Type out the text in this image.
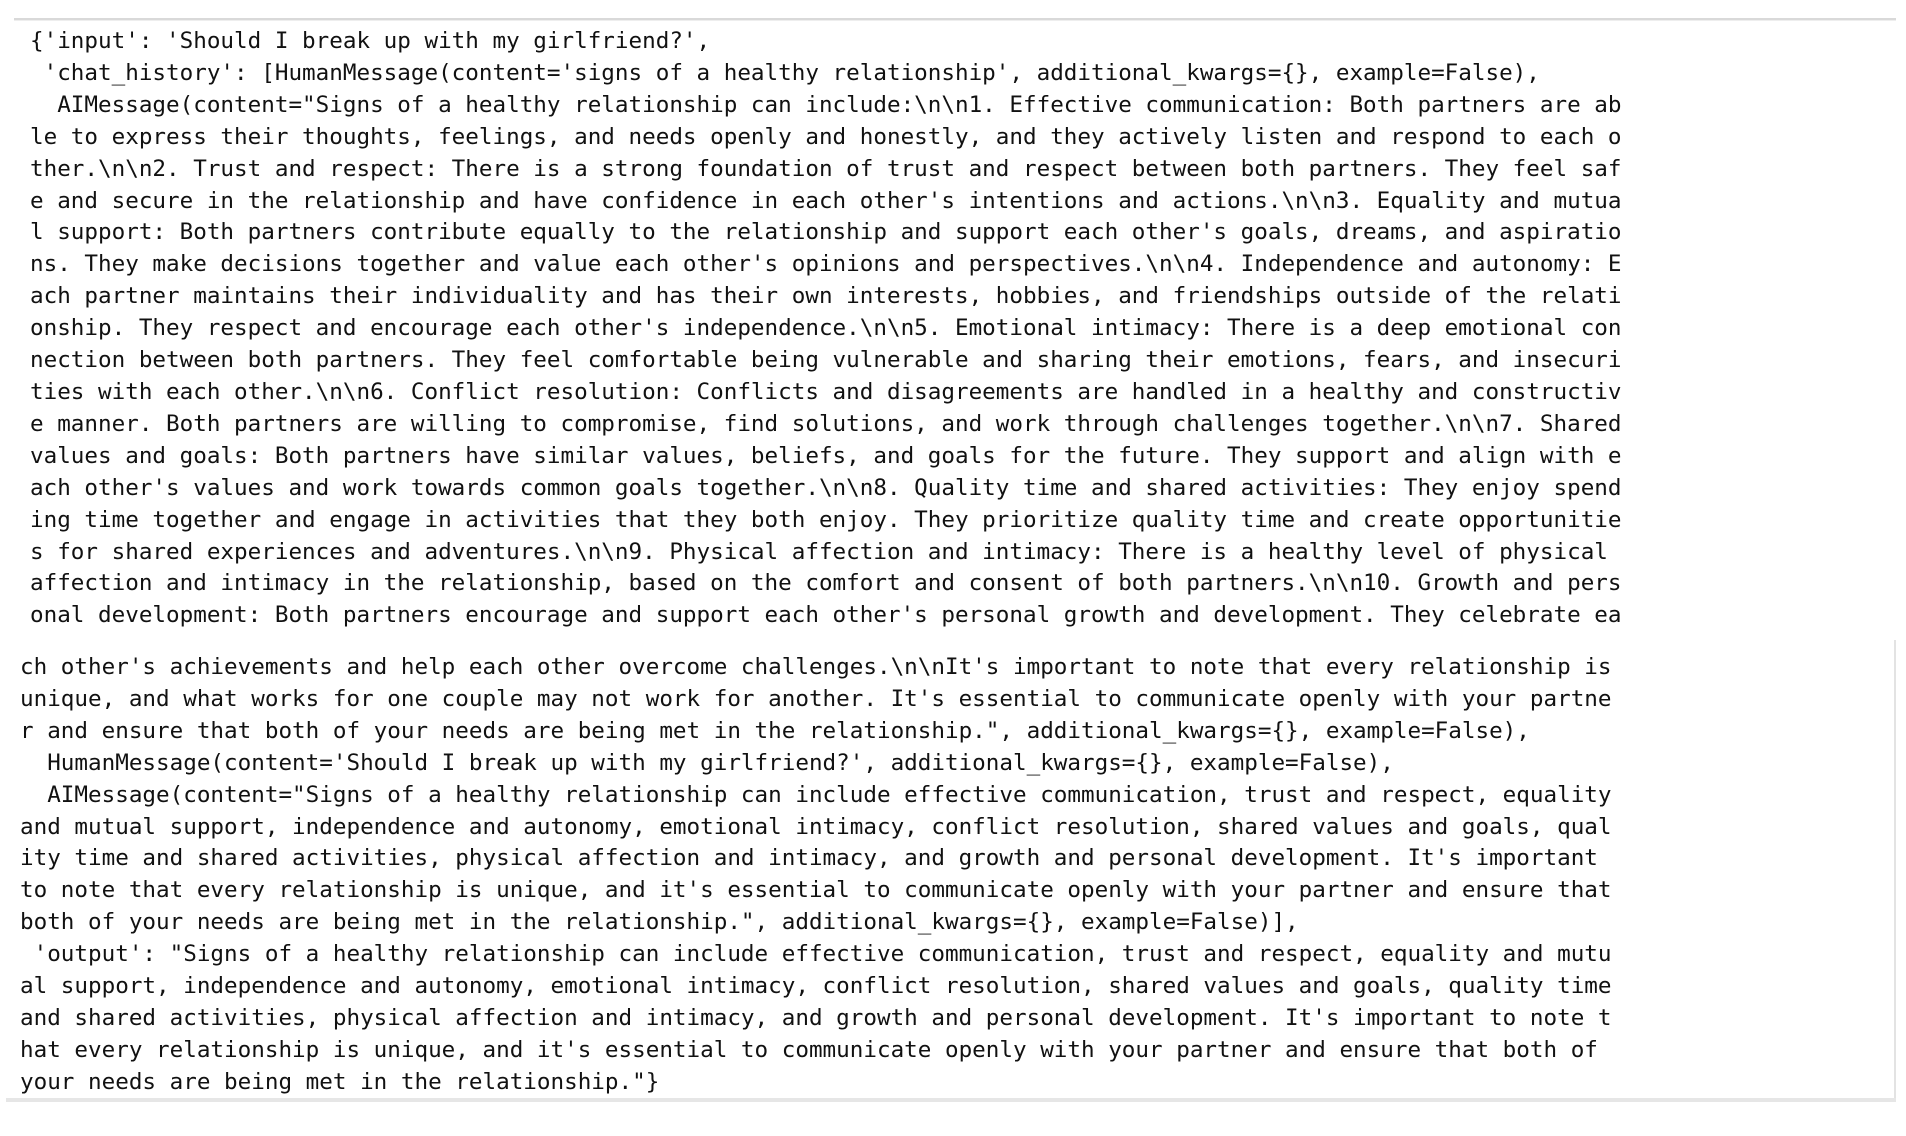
{'input': 'Should I break up with my girlfriend?',
'chat_history': [HumanMessage(content='signs of a healthy relationship', additional_kwargs={}, example=False),
AIMessage(content="Signs of a healthy relationship can include:\n\n1. Effective communication: Both partners are ab
le to express their thoughts, feelings, and needs openly and honestly, and they actively listen and respond to each o
ther.\n\n2. Trust and respect: There is a strong foundation of trust and respect between both partners. They feel saf
e and secure in the relationship and have confidence in each other's intentions and actions.\n\n3. Equality and mutua
l support: Both partners contribute equally to the relationship and support each other's goals, dreams, and aspiratio
ns. They make decisions together and value each other's opinions and perspectives.\n\n4. Independence and autonomy: E
ach partner maintains their individuality and has their own interests, hobbies, and friendships outside of the relati
onship. They respect and encourage each other's independence.\n\n5. Emotional intimacy: There is a deep emotional con
nection between both partners. They feel comfortable being vulnerable and sharing their emotions, fears, and insecuri
ties with each other.\n\n6. Conflict resolution: Conflicts and disagreements are handled in a healthy and constructiv
e manner. Both partners are willing to compromise, find solutions, and work through challenges together.\n\n7. Shared
values and goals: Both partners have similar values, beliefs, and goals for the future. They support and align with e
ach other's values and work towards common goals together.\n\n8. Quality time and shared activities: They enjoy spend
ing time together and engage in activities that they both enjoy. They prioritize quality time and create opportunitie
s for shared experiences and adventures.\n\n9. Physical affection and intimacy: There is a healthy level of physical
affection and intimacy in the relationship, based on the comfort and consent of both partners.\n\n10. Growth and pers
onal development: Both partners encourage and support each other's personal growth and development. They celebrate ea
ch other's achievements and help each other overcome challenges.\n\nIt's important to note that every relationship is
unique, and what works for one couple may not work for another. It's essential to communicate openly with your partne
r and ensure that both of your needs are being met in the relationship.", additional_kwargs={}, example=False),
HumanMessage(content='Should I break up with my girlfriend?', additional_kwargs={}, example=False),
AIMessage(content="Signs of a healthy relationship can include effective communication, trust and respect, equality
and mutual support, independence and autonomy, emotional intimacy, conflict resolution, shared values and goals, qual
ity time and shared activities, physical affection and intimacy, and growth and personal development. It's important
to note that every relationship is unique, and it's essential to communicate openly with your partner and ensure that
both of your needs are being met in the relationship.", additional_kwargs={}, example=False)],
'output': "Signs of a healthy relationship can include effective communication, trust and respect, equality and mutu
al support, independence and autonomy, emotional intimacy, conflict resolution, shared values and goals, quality time
and shared activities, physical affection and intimacy, and growth and personal development. It's important to note t
hat every relationship is unique, and it's essential to communicate openly with your partner and ensure that both of
your needs are being met in the relationship."}
